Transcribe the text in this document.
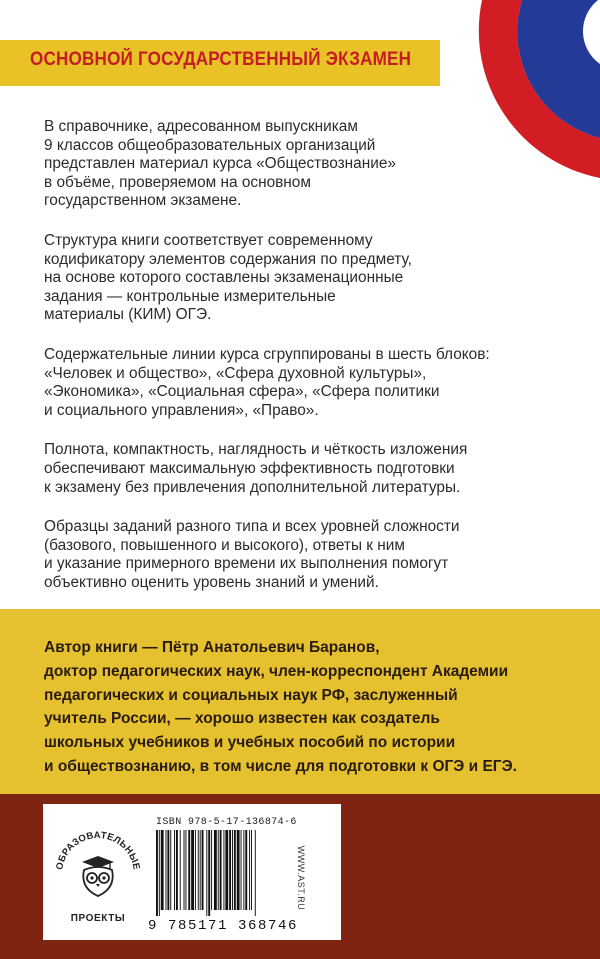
ОСНОВНОЙ ГОСУДАРСТВЕННЫЙ ЭКЗАМЕН

В справочнике, адресованном выпускникам
9 классов общеобразовательных организаций
представлен материал курса «Обществознание»
в объёме, проверяемом на основном
государственном экзамене.

Структура книги соответствует современному
кодификатору элементов содержания по предмету,
на основе которого составлены экзаменационные
задания — контрольные измерительные
материалы (КИМ) ОГЭ.

Содержательные линии курса сгруппированы в шесть блоков:
«Человек и общество», «Сфера духовной культуры»,
«Экономика», «Социальная сфера», «Сфера политики
и социального управления», «Право».

Полнота, компактность, наглядность и чёткость изложения
обеспечивают максимальную эффективность подготовки
к экзамену без привлечения дополнительной литературы.

Образцы заданий разного типа и всех уровней сложности
(базового, повышенного и высокого), ответы к ним
и указание примерного времени их выполнения помогут
объективно оценить уровень знаний и умений.

Автор книги — Пётр Анатольевич Баранов,
доктор педагогических наук, член-корреспондент Академии
педагогических и социальных наук РФ, заслуженный
учитель России, — хорошо известен как создатель
школьных учебников и учебных пособий по истории
и обществознанию, в том числе для подготовки к ОГЭ и ЕГЭ.
ОБРАЗОВАТЕЛЬНЫЕ
ПРОЕКТЫ
ISBN 978-5-17-136874-6
9 785171 368746
WWW.AST.RU
